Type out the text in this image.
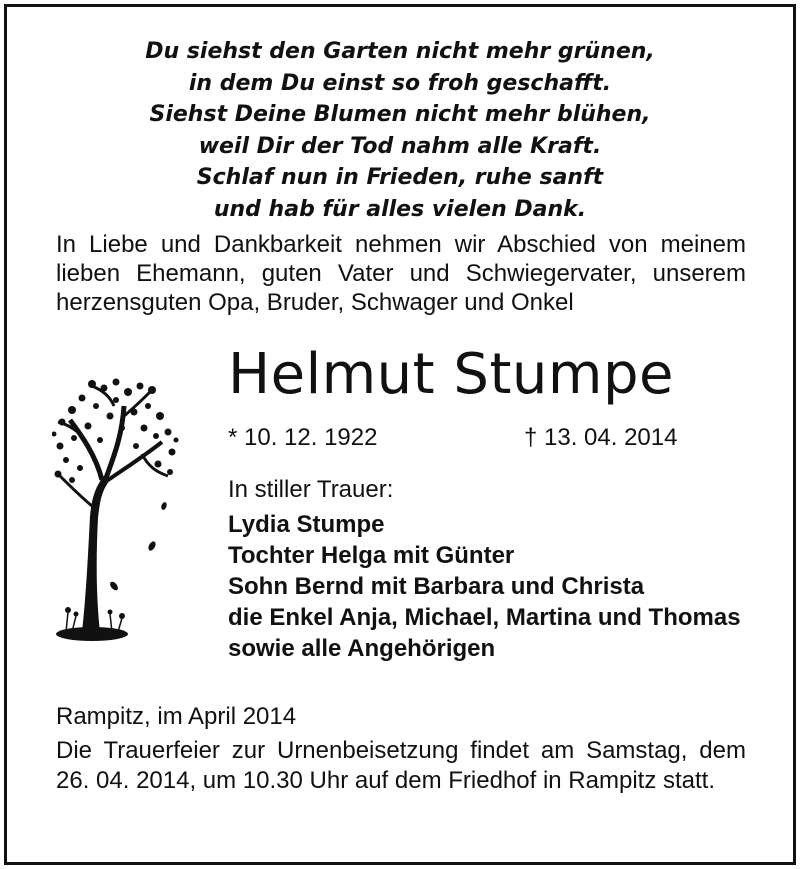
Du siehst den Garten nicht mehr grünen,
in dem Du einst so froh geschafft.
Siehst Deine Blumen nicht mehr blühen,
weil Dir der Tod nahm alle Kraft.
Schlaf nun in Frieden, ruhe sanft
und hab für alles vielen Dank.
In Liebe und Dankbarkeit nehmen wir Abschied von meinem lieben Ehemann, guten Vater und Schwiegervater, unserem herzensguten Opa, Bruder, Schwager und Onkel
Helmut Stumpe
* 10. 12. 1922	† 13. 04. 2014
In stiller Trauer:
Lydia Stumpe
Tochter Helga mit Günter
Sohn Bernd mit Barbara und Christa
die Enkel Anja, Michael, Martina und Thomas
sowie alle Angehörigen
Rampitz, im April 2014
Die Trauerfeier zur Urnenbeisetzung findet am Samstag, dem 26. 04. 2014, um 10.30 Uhr auf dem Friedhof in Rampitz statt.
